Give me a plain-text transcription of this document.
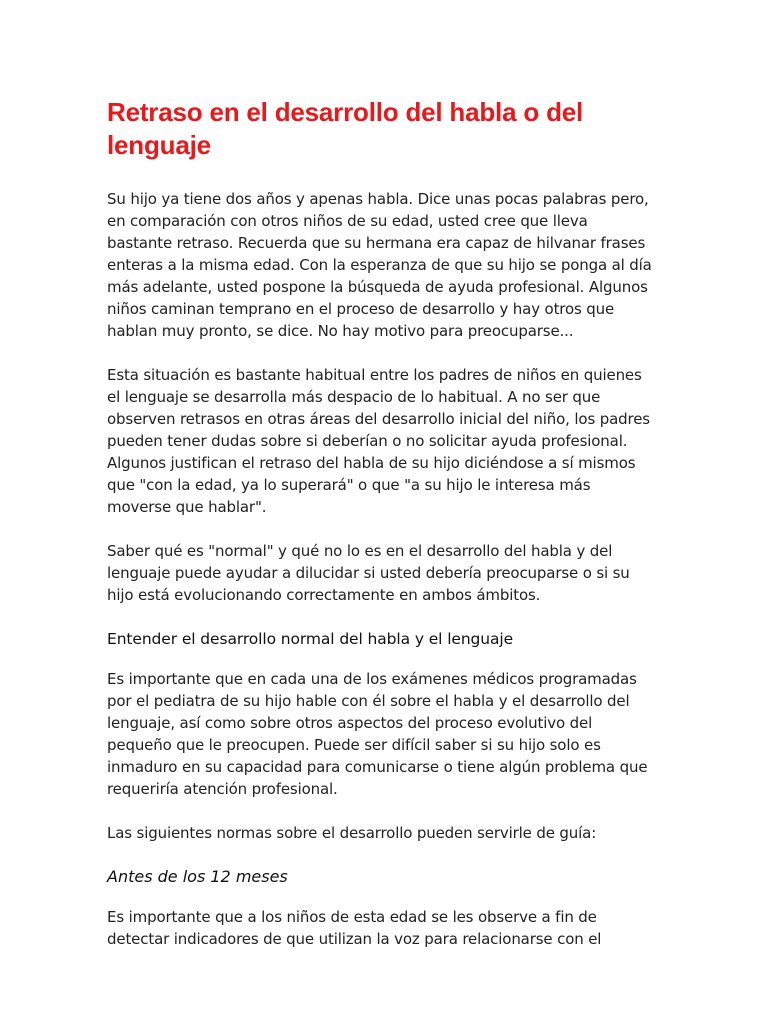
Retraso en el desarrollo del habla o del lenguaje

Su hijo ya tiene dos años y apenas habla. Dice unas pocas palabras pero, en comparación con otros niños de su edad, usted cree que lleva bastante retraso. Recuerda que su hermana era capaz de hilvanar frases enteras a la misma edad. Con la esperanza de que su hijo se ponga al día más adelante, usted pospone la búsqueda de ayuda profesional. Algunos niños caminan temprano en el proceso de desarrollo y hay otros que hablan muy pronto, se dice. No hay motivo para preocuparse...

Esta situación es bastante habitual entre los padres de niños en quienes el lenguaje se desarrolla más despacio de lo habitual. A no ser que observen retrasos en otras áreas del desarrollo inicial del niño, los padres pueden tener dudas sobre si deberían o no solicitar ayuda profesional. Algunos justifican el retraso del habla de su hijo diciéndose a sí mismos que "con la edad, ya lo superará" o que "a su hijo le interesa más moverse que hablar".

Saber qué es "normal" y qué no lo es en el desarrollo del habla y del lenguaje puede ayudar a dilucidar si usted debería preocuparse o si su hijo está evolucionando correctamente en ambos ámbitos.

Entender el desarrollo normal del habla y el lenguaje

Es importante que en cada una de los exámenes médicos programadas por el pediatra de su hijo hable con él sobre el habla y el desarrollo del lenguaje, así como sobre otros aspectos del proceso evolutivo del pequeño que le preocupen. Puede ser difícil saber si su hijo solo es inmaduro en su capacidad para comunicarse o tiene algún problema que requeriría atención profesional.

Las siguientes normas sobre el desarrollo pueden servirle de guía:

Antes de los 12 meses

Es importante que a los niños de esta edad se les observe a fin de detectar indicadores de que utilizan la voz para relacionarse con el
